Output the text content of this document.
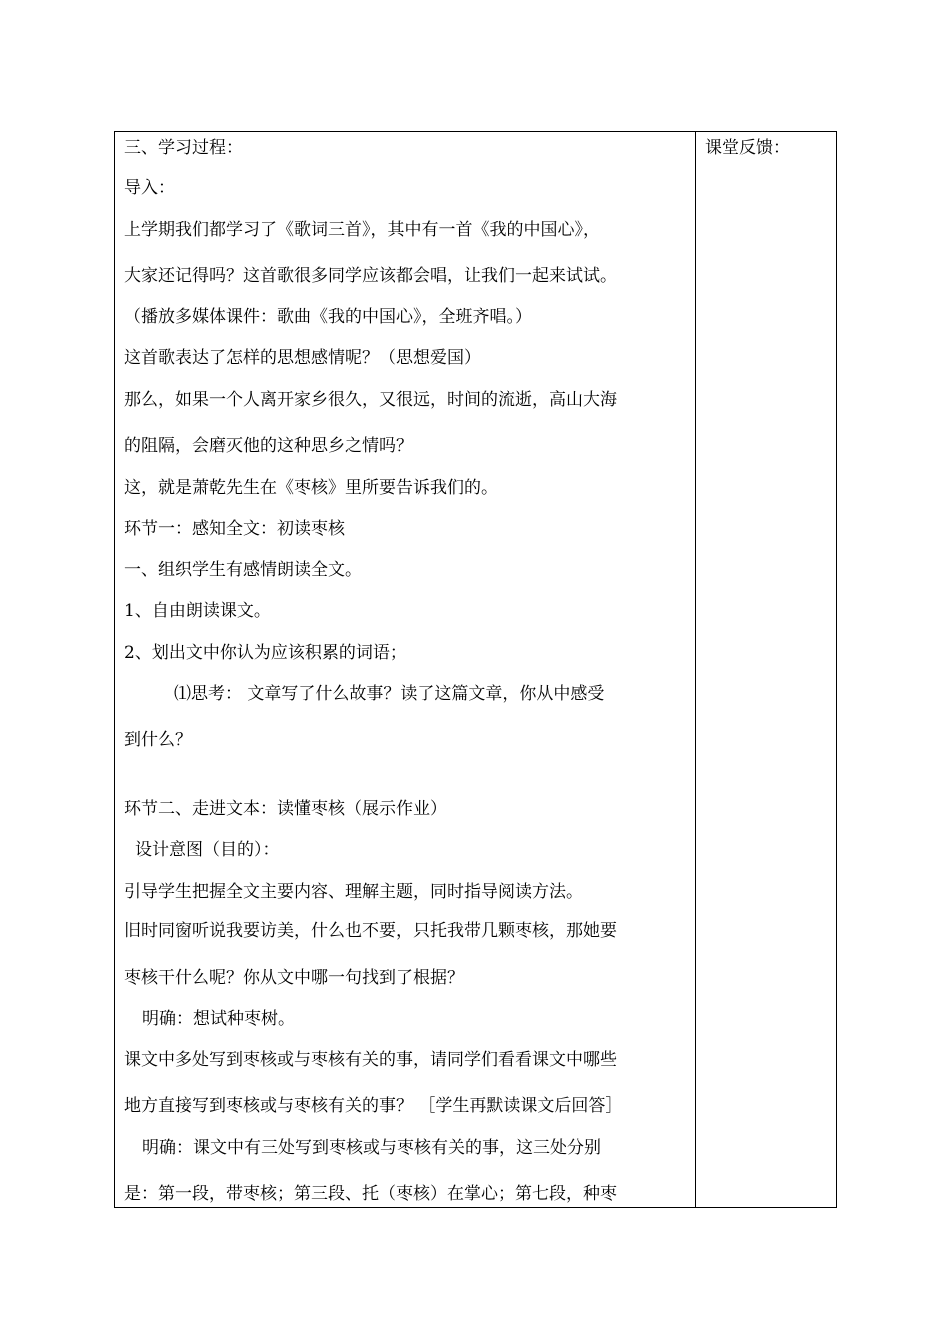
三、学习过程：
导入：
上学期我们都学习了《歌词三首》，其中有一首《我的中国心》，
大家还记得吗？这首歌很多同学应该都会唱，让我们一起来试试。
（播放多媒体课件：歌曲《我的中国心》，全班齐唱。）
这首歌表达了怎样的思想感情呢？（思想爱国）
那么，如果一个人离开家乡很久，又很远，时间的流逝，高山大海
的阻隔，会磨灭他的这种思乡之情吗？
这，就是萧乾先生在《枣核》里所要告诉我们的。
环节一：感知全文：初读枣核
一、组织学生有感情朗读全文。
1、自由朗读课文。
2、划出文中你认为应该积累的词语；
⑴思考： 文章写了什么故事？读了这篇文章，你从中感受
到什么？
环节二、走进文本：读懂枣核（展示作业）
设计意图（目的）：
引导学生把握全文主要内容、理解主题，同时指导阅读方法。
旧时同窗听说我要访美，什么也不要，只托我带几颗枣核，那她要
枣核干什么呢？你从文中哪一句找到了根据？
明确：想试种枣树。
课文中多处写到枣核或与枣核有关的事，请同学们看看课文中哪些
地方直接写到枣核或与枣核有关的事？ ［学生再默读课文后回答］
明确：课文中有三处写到枣核或与枣核有关的事，这三处分别
是：第一段，带枣核；第三段、托（枣核）在掌心；第七段，种枣
课堂反馈：
